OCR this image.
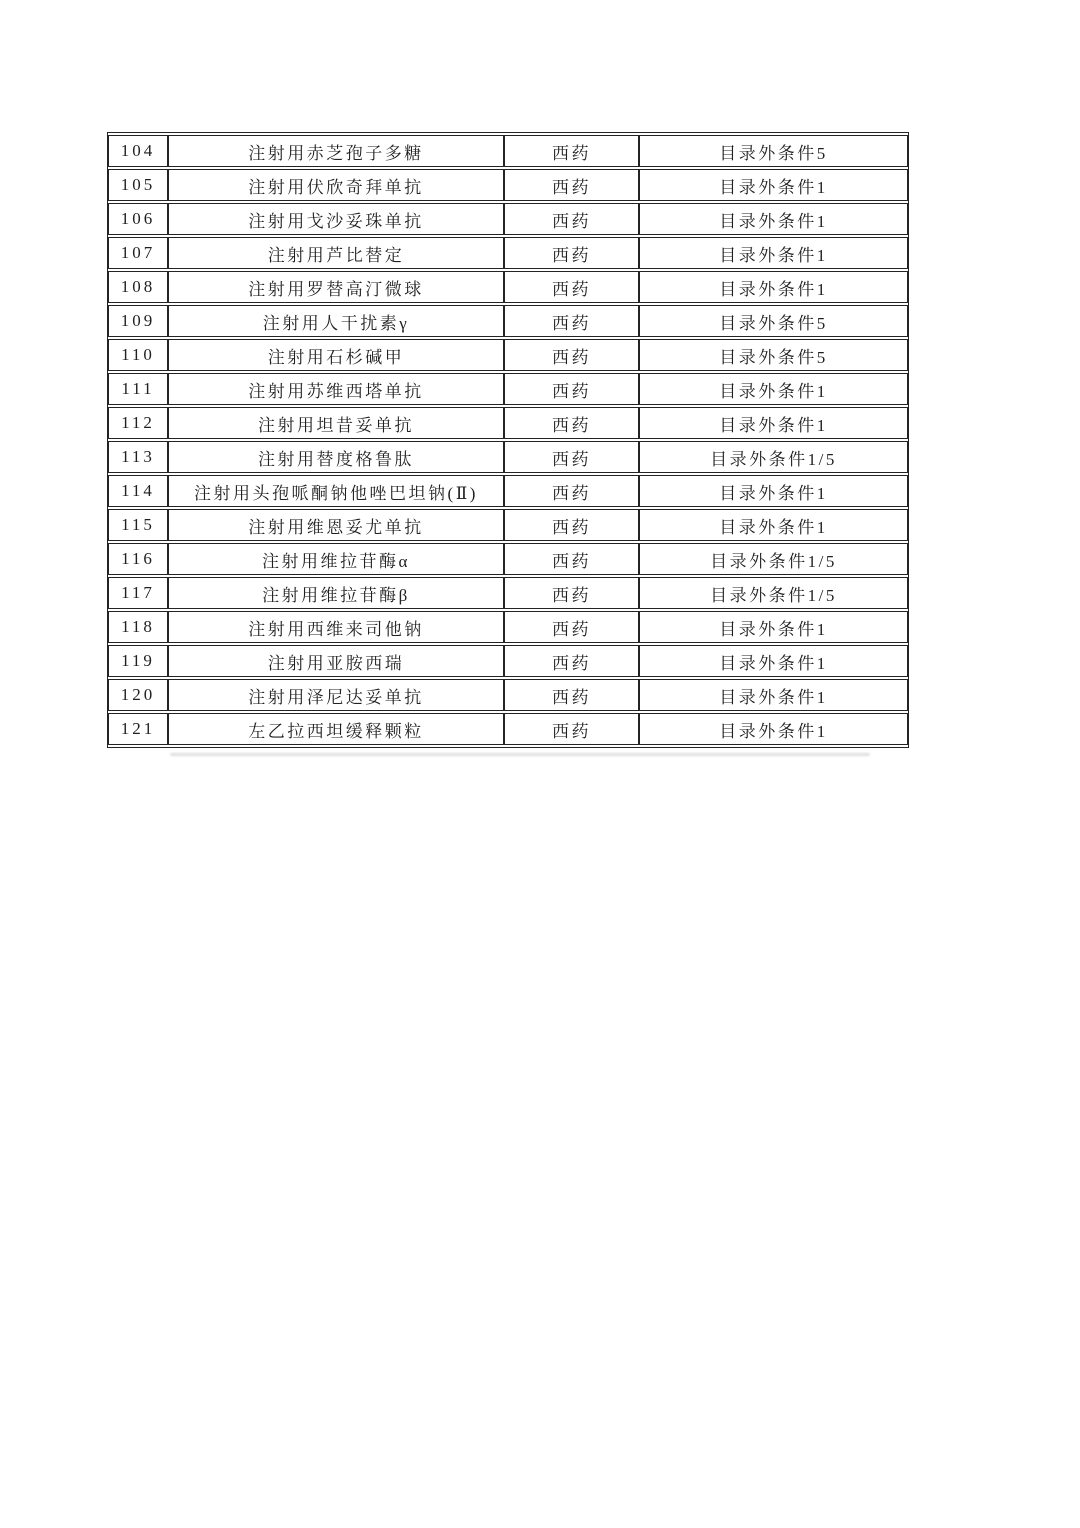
104	注射用赤芝孢子多糖	西药	目录外条件5
105	注射用伏欣奇拜单抗	西药	目录外条件1
106	注射用戈沙妥珠单抗	西药	目录外条件1
107	注射用芦比替定	西药	目录外条件1
108	注射用罗替高汀微球	西药	目录外条件1
109	注射用人干扰素γ	西药	目录外条件5
110	注射用石杉碱甲	西药	目录外条件5
111	注射用苏维西塔单抗	西药	目录外条件1
112	注射用坦昔妥单抗	西药	目录外条件1
113	注射用替度格鲁肽	西药	目录外条件1/5
114	注射用头孢哌酮钠他唑巴坦钠(Ⅱ)	西药	目录外条件1
115	注射用维恩妥尤单抗	西药	目录外条件1
116	注射用维拉苷酶α	西药	目录外条件1/5
117	注射用维拉苷酶β	西药	目录外条件1/5
118	注射用西维来司他钠	西药	目录外条件1
119	注射用亚胺西瑞	西药	目录外条件1
120	注射用泽尼达妥单抗	西药	目录外条件1
121	左乙拉西坦缓释颗粒	西药	目录外条件1
